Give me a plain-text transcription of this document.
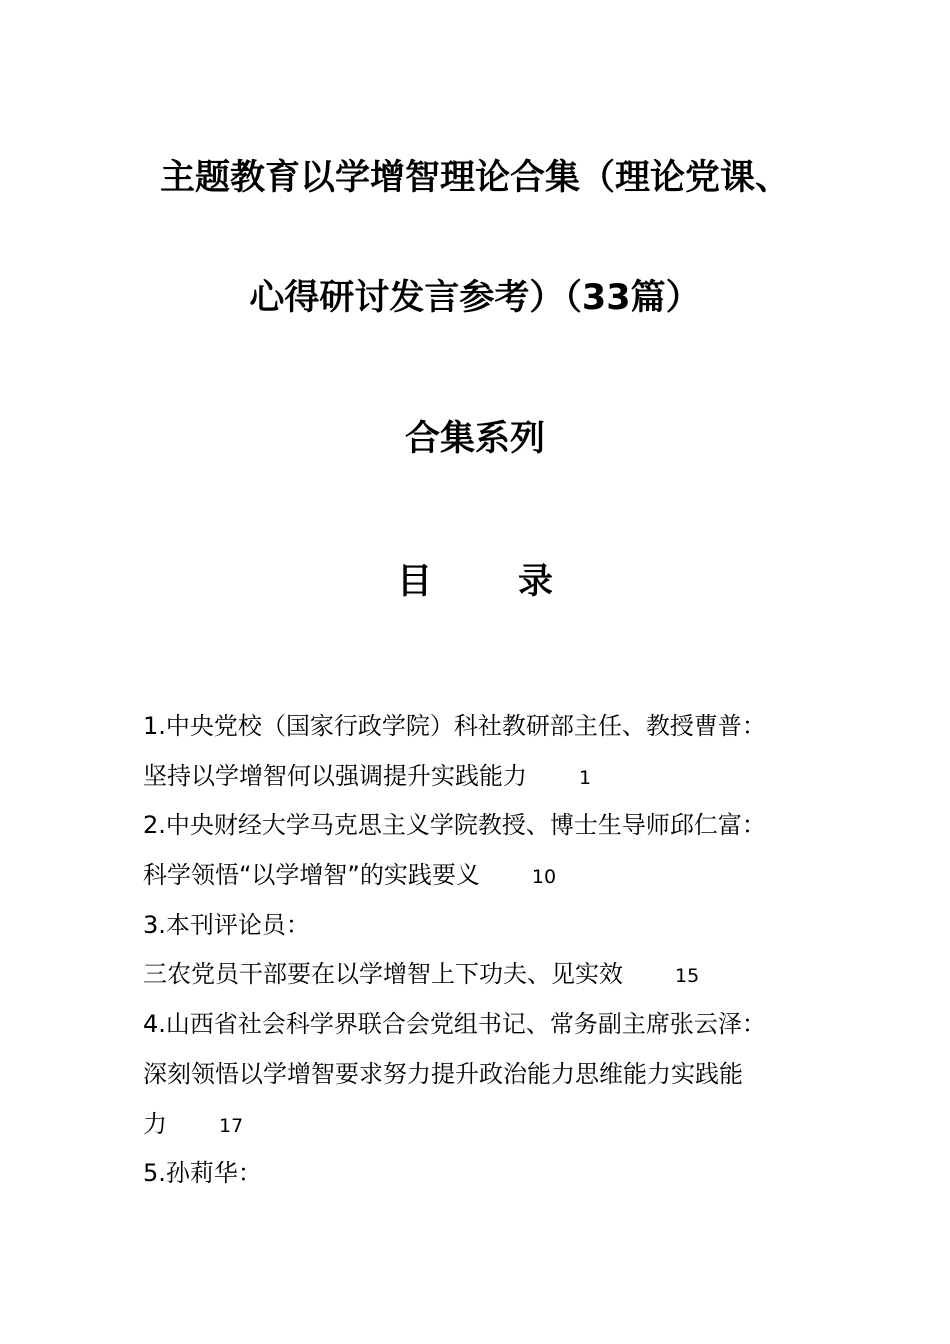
主题教育以学增智理论合集（理论党课、
心得研讨发言参考）（33篇）
合集系列
目 录
1.中央党校（国家行政学院）科社教研部主任、教授曹普：
坚持以学增智何以强调提升实践能力	1
2.中央财经大学马克思主义学院教授、博士生导师邱仁富：
科学领悟“以学增智”的实践要义	10
3.本刊评论员：
三农党员干部要在以学增智上下功夫、见实效	15
4.山西省社会科学界联合会党组书记、常务副主席张云泽：
深刻领悟以学增智要求努力提升政治能力思维能力实践能
力	17
5.孙莉华：
